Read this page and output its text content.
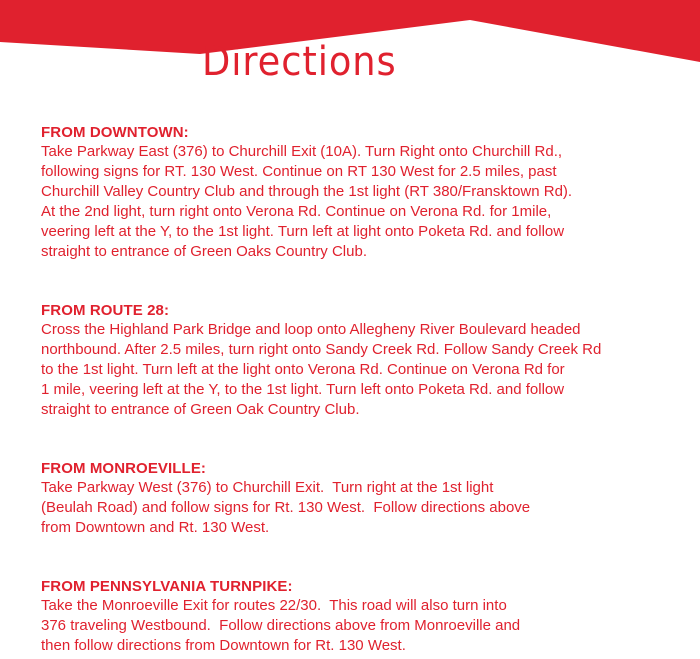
Directions
FROM DOWNTOWN:

Take Parkway East (376) to Churchill Exit (10A). Turn Right onto Churchill Rd.,

following signs for RT. 130 West. Continue on RT 130 West for 2.5 miles, past

Churchill Valley Country Club and through the 1st light (RT 380/Fransktown Rd).

At the 2nd light, turn right onto Verona Rd. Continue on Verona Rd. for 1mile,

veering left at the Y, to the 1st light. Turn left at light onto Poketa Rd. and follow

straight to entrance of Green Oaks Country Club.

FROM ROUTE 28:

Cross the Highland Park Bridge and loop onto Allegheny River Boulevard headed

northbound. After 2.5 miles, turn right onto Sandy Creek Rd. Follow Sandy Creek Rd

to the 1st light. Turn left at the light onto Verona Rd. Continue on Verona Rd for

1 mile, veering left at the Y, to the 1st light. Turn left onto Poketa Rd. and follow

straight to entrance of Green Oak Country Club.

FROM MONROEVILLE:

Take Parkway West (376) to Churchill Exit.  Turn right at the 1st light

(Beulah Road) and follow signs for Rt. 130 West.  Follow directions above

from Downtown and Rt. 130 West.

FROM PENNSYLVANIA TURNPIKE:

Take the Monroeville Exit for routes 22/30.  This road will also turn into

376 traveling Westbound.  Follow directions above from Monroeville and

then follow directions from Downtown for Rt. 130 West.
